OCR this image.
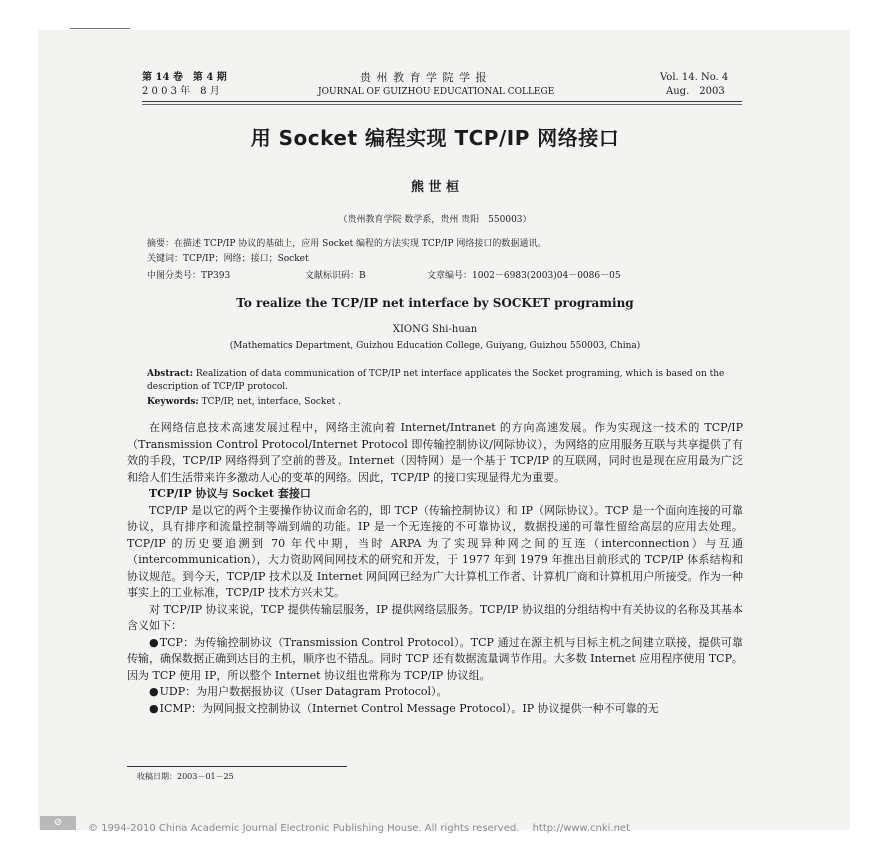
第 14 卷　第 4 期
2 0 0 3 年　8 月
贵 州 教 育 学 院 学 报
JOURNAL OF GUIZHOU EDUCATIONAL COLLEGE
Vol. 14. No. 4
Aug.　2003
用 Socket 编程实现 TCP/IP 网络接口
熊 世 桓
（贵州教育学院 数学系，贵州 贵阳　550003）
摘要：在描述 TCP/IP 协议的基础上，应用 Socket 编程的方法实现 TCP/IP 网络接口的数据通讯。
关键词：TCP/IP；网络；接口；Socket
中图分类号：TP393	文献标识码：B	文章编号：1002－6983(2003)04－0086－05
To realize the TCP/IP net interface by SOCKET programing
XIONG Shi-huan
(Mathematics Department, Guizhou Education College, Guiyang, Guizhou 550003, China)
Abstract: Realization of data communication of TCP/IP net interface applicates the Socket programing, which is based on the description of TCP/IP protocol.
Keywords: TCP/IP, net, interface, Socket .

在网络信息技术高速发展过程中，网络主流向着 Internet/Intranet 的方向高速发展。作为实现这一技术的 TCP/IP（Transmission Control Protocol/Internet Protocol 即传输控制协议/网际协议），为网络的应用服务互联与共享提供了有效的手段，TCP/IP 网络得到了空前的普及。Internet（因特网）是一个基于 TCP/IP 的互联网，同时也是现在应用最为广泛和给人们生活带来许多激动人心的变革的网络。因此，TCP/IP 的接口实现显得尤为重要。

TCP/IP 协议与 Socket 套接口

TCP/IP 是以它的两个主要操作协议而命名的，即 TCP（传输控制协议）和 IP（网际协议）。TCP 是一个面向连接的可靠协议，具有排序和流量控制等端到端的功能。IP 是一个无连接的不可靠协议，数据投递的可靠性留给高层的应用去处理。TCP/IP 的历史要追溯到 70 年代中期，当时 ARPA 为了实现异种网之间的互连（interconnection）与互通（intercommunication），大力资助网间网技术的研究和开发，于 1977 年到 1979 年推出目前形式的 TCP/IP 体系结构和协议规范。到今天，TCP/IP 技术以及 Internet 网间网已经为广大计算机工作者、计算机厂商和计算机用户所接受。作为一种事实上的工业标准，TCP/IP 技术方兴未艾。

对 TCP/IP 协议来说，TCP 提供传输层服务，IP 提供网络层服务。TCP/IP 协议组的分组结构中有关协议的名称及其基本含义如下：

● TCP：为传输控制协议（Transmission Control Protocol）。TCP 通过在源主机与目标主机之间建立联接，提供可靠传输，确保数据正确到达目的主机，顺序也不错乱。同时 TCP 还有数据流量调节作用。大多数 Internet 应用程序使用 TCP。因为 TCP 使用 IP，所以整个 Internet 协议组也常称为 TCP/IP 协议组。

● UDP：为用户数据报协议（User Datagram Protocol）。

● ICMP：为网间报文控制协议（Internet Control Message Protocol）。IP 协议提供一种不可靠的无

收稿日期：2003－01－25
⊘
© 1994-2010 China Academic Journal Electronic Publishing House. All rights reserved.　 http://www.cnki.net
